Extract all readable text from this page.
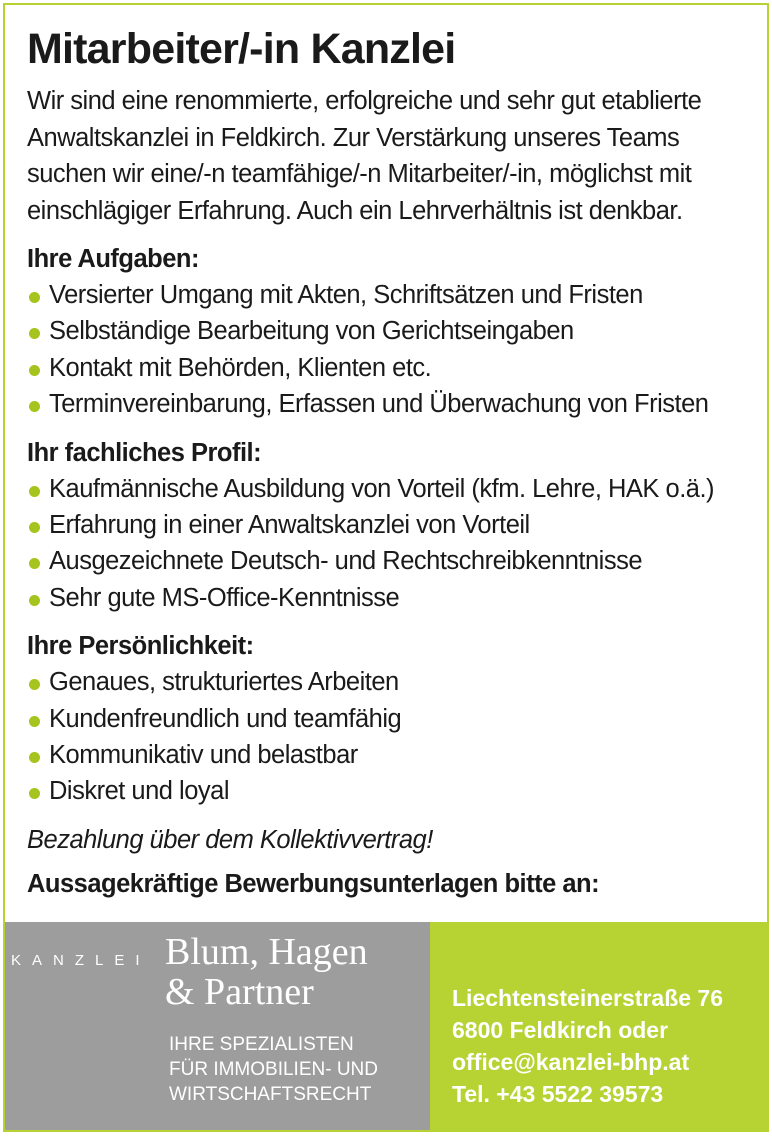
Mitarbeiter/-in Kanzlei
Wir sind eine renommierte, erfolgreiche und sehr gut etablierte
Anwaltskanzlei in Feldkirch. Zur Verstärkung unseres Teams
suchen wir eine/-n teamfähige/-n Mitarbeiter/-in, möglichst mit
einschlägiger Erfahrung. Auch ein Lehrverhältnis ist denkbar.
Ihre Aufgaben:
Versierter Umgang mit Akten, Schriftsätzen und Fristen
Selbständige Bearbeitung von Gerichtseingaben
Kontakt mit Behörden, Klienten etc.
Terminvereinbarung, Erfassen und Überwachung von Fristen
Ihr fachliches Profil:
Kaufmännische Ausbildung von Vorteil (kfm. Lehre, HAK o.ä.)
Erfahrung in einer Anwaltskanzlei von Vorteil
Ausgezeichnete Deutsch- und Rechtschreibkenntnisse
Sehr gute MS-Office-Kenntnisse
Ihre Persönlichkeit:
Genaues, strukturiertes Arbeiten
Kundenfreundlich und teamfähig
Kommunikativ und belastbar
Diskret und loyal
Bezahlung über dem Kollektivvertrag!
Aussagekräftige Bewerbungsunterlagen bitte an:
KANZLEI Blum, Hagen
& Partner
IHRE SPEZIALISTEN
FÜR IMMOBILIEN- UND
WIRTSCHAFTSRECHT
Liechtensteinerstraße 76
6800 Feldkirch oder
office@kanzlei-bhp.at
Tel. +43 5522 39573
